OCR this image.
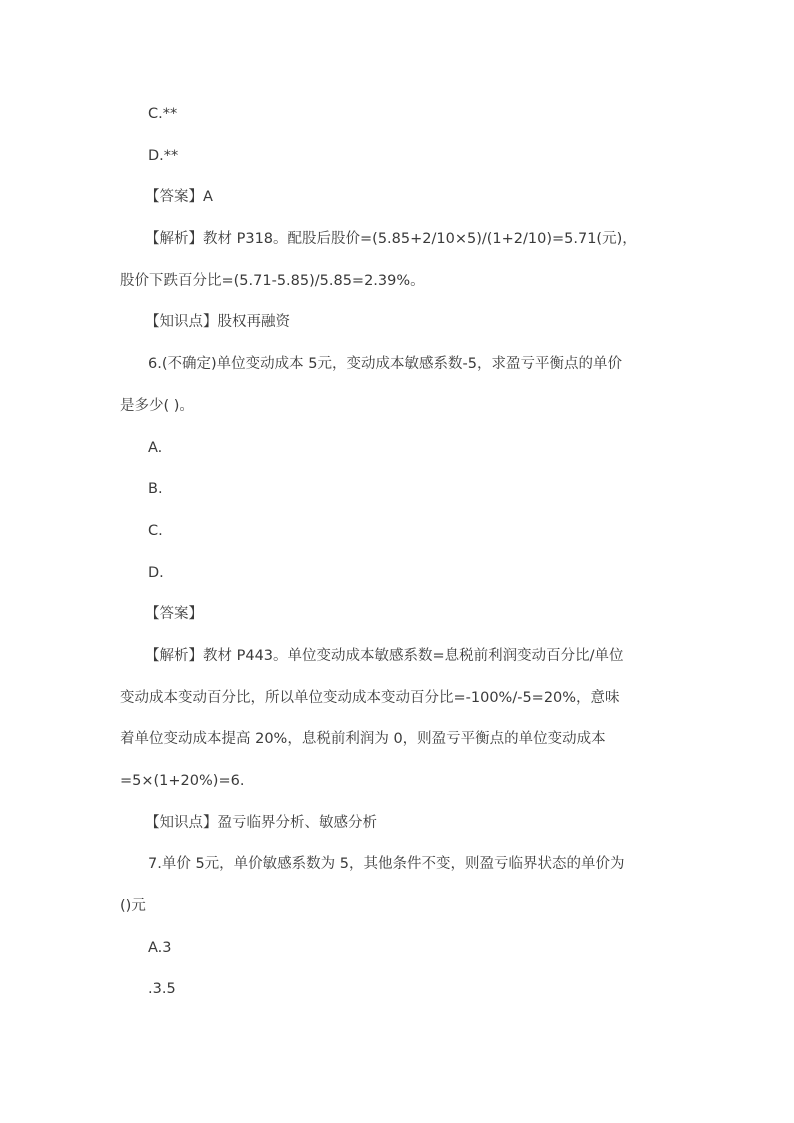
C.**
D.**
【答案】A
【解析】教材 P318。配股后股价=(5.85+2/10×5)/(1+2/10)=5.71(元)，
股价下跌百分比=(5.71-5.85)/5.85=2.39%。
【知识点】股权再融资
6.(不确定)单位变动成本 5元，变动成本敏感系数-5，求盈亏平衡点的单价
是多少( )。
A.
B.
C.
D.
【答案】
【解析】教材 P443。单位变动成本敏感系数=息税前利润变动百分比/单位
变动成本变动百分比，所以单位变动成本变动百分比=-100%/-5=20%，意味
着单位变动成本提高 20%，息税前利润为 0，则盈亏平衡点的单位变动成本
=5×(1+20%)=6.
【知识点】盈亏临界分析、敏感分析
7.单价 5元，单价敏感系数为 5，其他条件不变，则盈亏临界状态的单价为
()元
A.3
.3.5
